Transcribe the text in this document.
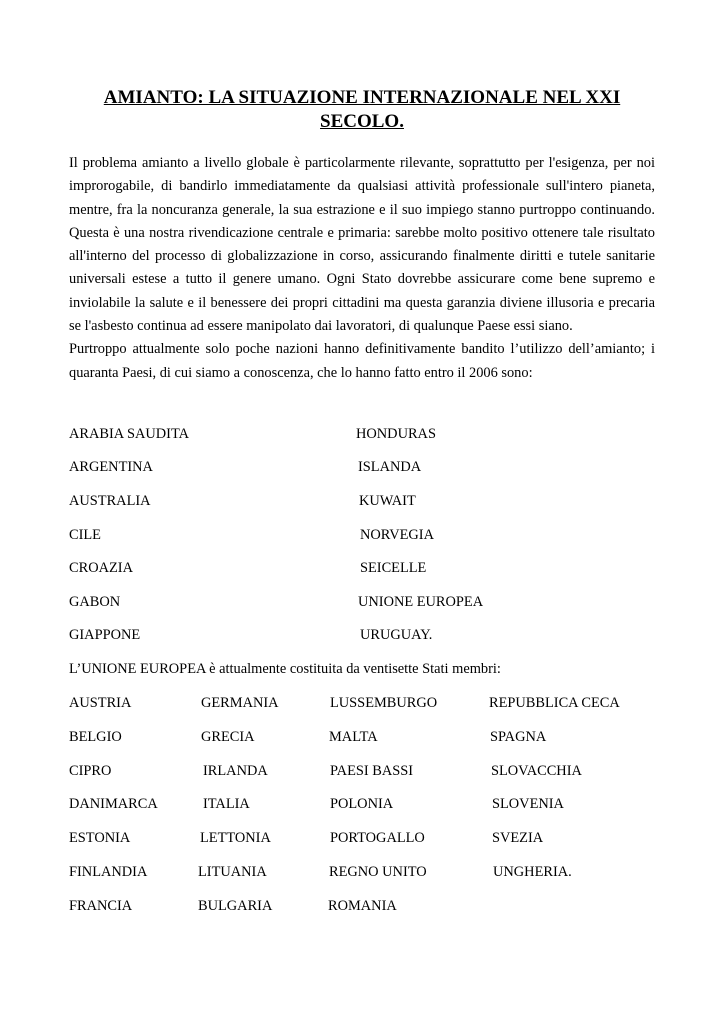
AMIANTO: LA SITUAZIONE INTERNAZIONALE NEL XXI
SECOLO.

Il problema amianto a livello globale è particolarmente rilevante, soprattutto per l'esigenza, per noi improrogabile, di bandirlo immediatamente da qualsiasi attività professionale sull'intero pianeta, mentre, fra la noncuranza generale, la sua estrazione e il suo impiego stanno purtroppo continuando. Questa è una nostra rivendicazione centrale e primaria: sarebbe molto positivo ottenere tale risultato all'interno del processo di globalizzazione in corso, assicurando finalmente diritti e tutele sanitarie universali estese a tutto il genere umano. Ogni Stato dovrebbe assicurare come bene supremo e inviolabile la salute e il benessere dei propri cittadini ma questa garanzia diviene illusoria e precaria se l'asbesto continua ad essere manipolato dai lavoratori, di qualunque Paese essi siano.

Purtroppo attualmente solo poche nazioni hanno definitivamente bandito l’utilizzo dell’amianto; i quaranta Paesi, di cui siamo a conoscenza, che lo hanno fatto entro il 2006 sono:

ARABIA SAUDITA	HONDURAS
ARGENTINA	ISLANDA
AUSTRALIA	KUWAIT
CILE	NORVEGIA
CROAZIA	SEICELLE
GABON	UNIONE EUROPEA
GIAPPONE	URUGUAY.
L’UNIONE EUROPEA è attualmente costituita da ventisette Stati membri:
AUSTRIA	GERMANIA	LUSSEMBURGO	REPUBBLICA CECA
BELGIO	GRECIA	MALTA	SPAGNA
CIPRO	IRLANDA	PAESI BASSI	SLOVACCHIA
DANIMARCA	ITALIA	POLONIA	SLOVENIA
ESTONIA	LETTONIA	PORTOGALLO	SVEZIA
FINLANDIA	LITUANIA	REGNO UNITO	UNGHERIA.
FRANCIA	BULGARIA	ROMANIA
